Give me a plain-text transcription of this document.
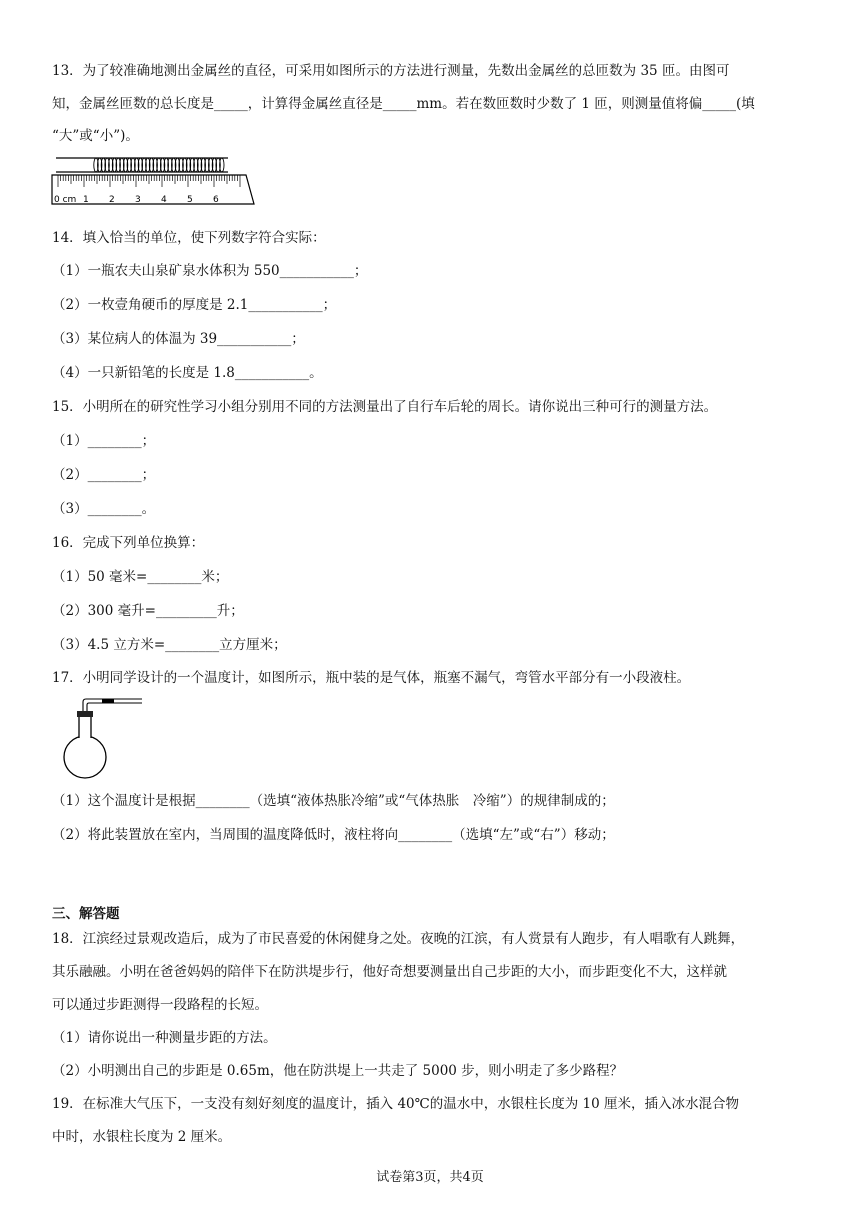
13．为了较准确地测出金属丝的直径，可采用如图所示的方法进行测量，先数出金属丝的总匝数为 35 匝。由图可
知，金属丝匝数的总长度是_____，计算得金属丝直径是_____mm。若在数匝数时少数了 1 匝，则测量值将偏_____(填
“大”或“小”)。
0 cm 1 2 3 4 5 6
14．填入恰当的单位，使下列数字符合实际：
（1）一瓶农夫山泉矿泉水体积为 550___________；
（2）一枚壹角硬币的厚度是 2.1___________；
（3）某位病人的体温为 39___________；
（4）一只新铅笔的长度是 1.8___________。
15．小明所在的研究性学习小组分别用不同的方法测量出了自行车后轮的周长。请你说出三种可行的测量方法。
（1）________；
（2）________；
（3）________。
16．完成下列单位换算：
（1）50 毫米=________米；
（2）300 毫升=_________升；
（3）4.5 立方米=________立方厘米；
17．小明同学设计的一个温度计，如图所示，瓶中装的是气体，瓶塞不漏气，弯管水平部分有一小段液柱。
（1）这个温度计是根据________（选填“液体热胀冷缩”或“气体热胀　冷缩”）的规律制成的；
（2）将此装置放在室内，当周围的温度降低时，液柱将向________（选填“左”或“右”）移动；
三、解答题
18．江滨经过景观改造后，成为了市民喜爱的休闲健身之处。夜晚的江滨，有人赏景有人跑步，有人唱歌有人跳舞，
其乐融融。小明在爸爸妈妈的陪伴下在防洪堤步行，他好奇想要测量出自己步距的大小，而步距变化不大，这样就
可以通过步距测得一段路程的长短。
（1）请你说出一种测量步距的方法。
（2）小明测出自己的步距是 0.65m，他在防洪堤上一共走了 5000 步，则小明走了多少路程？
19．在标准大气压下，一支没有刻好刻度的温度计，插入 40℃的温水中，水银柱长度为 10 厘米，插入冰水混合物
中时，水银柱长度为 2 厘米。
试卷第3页，共4页
